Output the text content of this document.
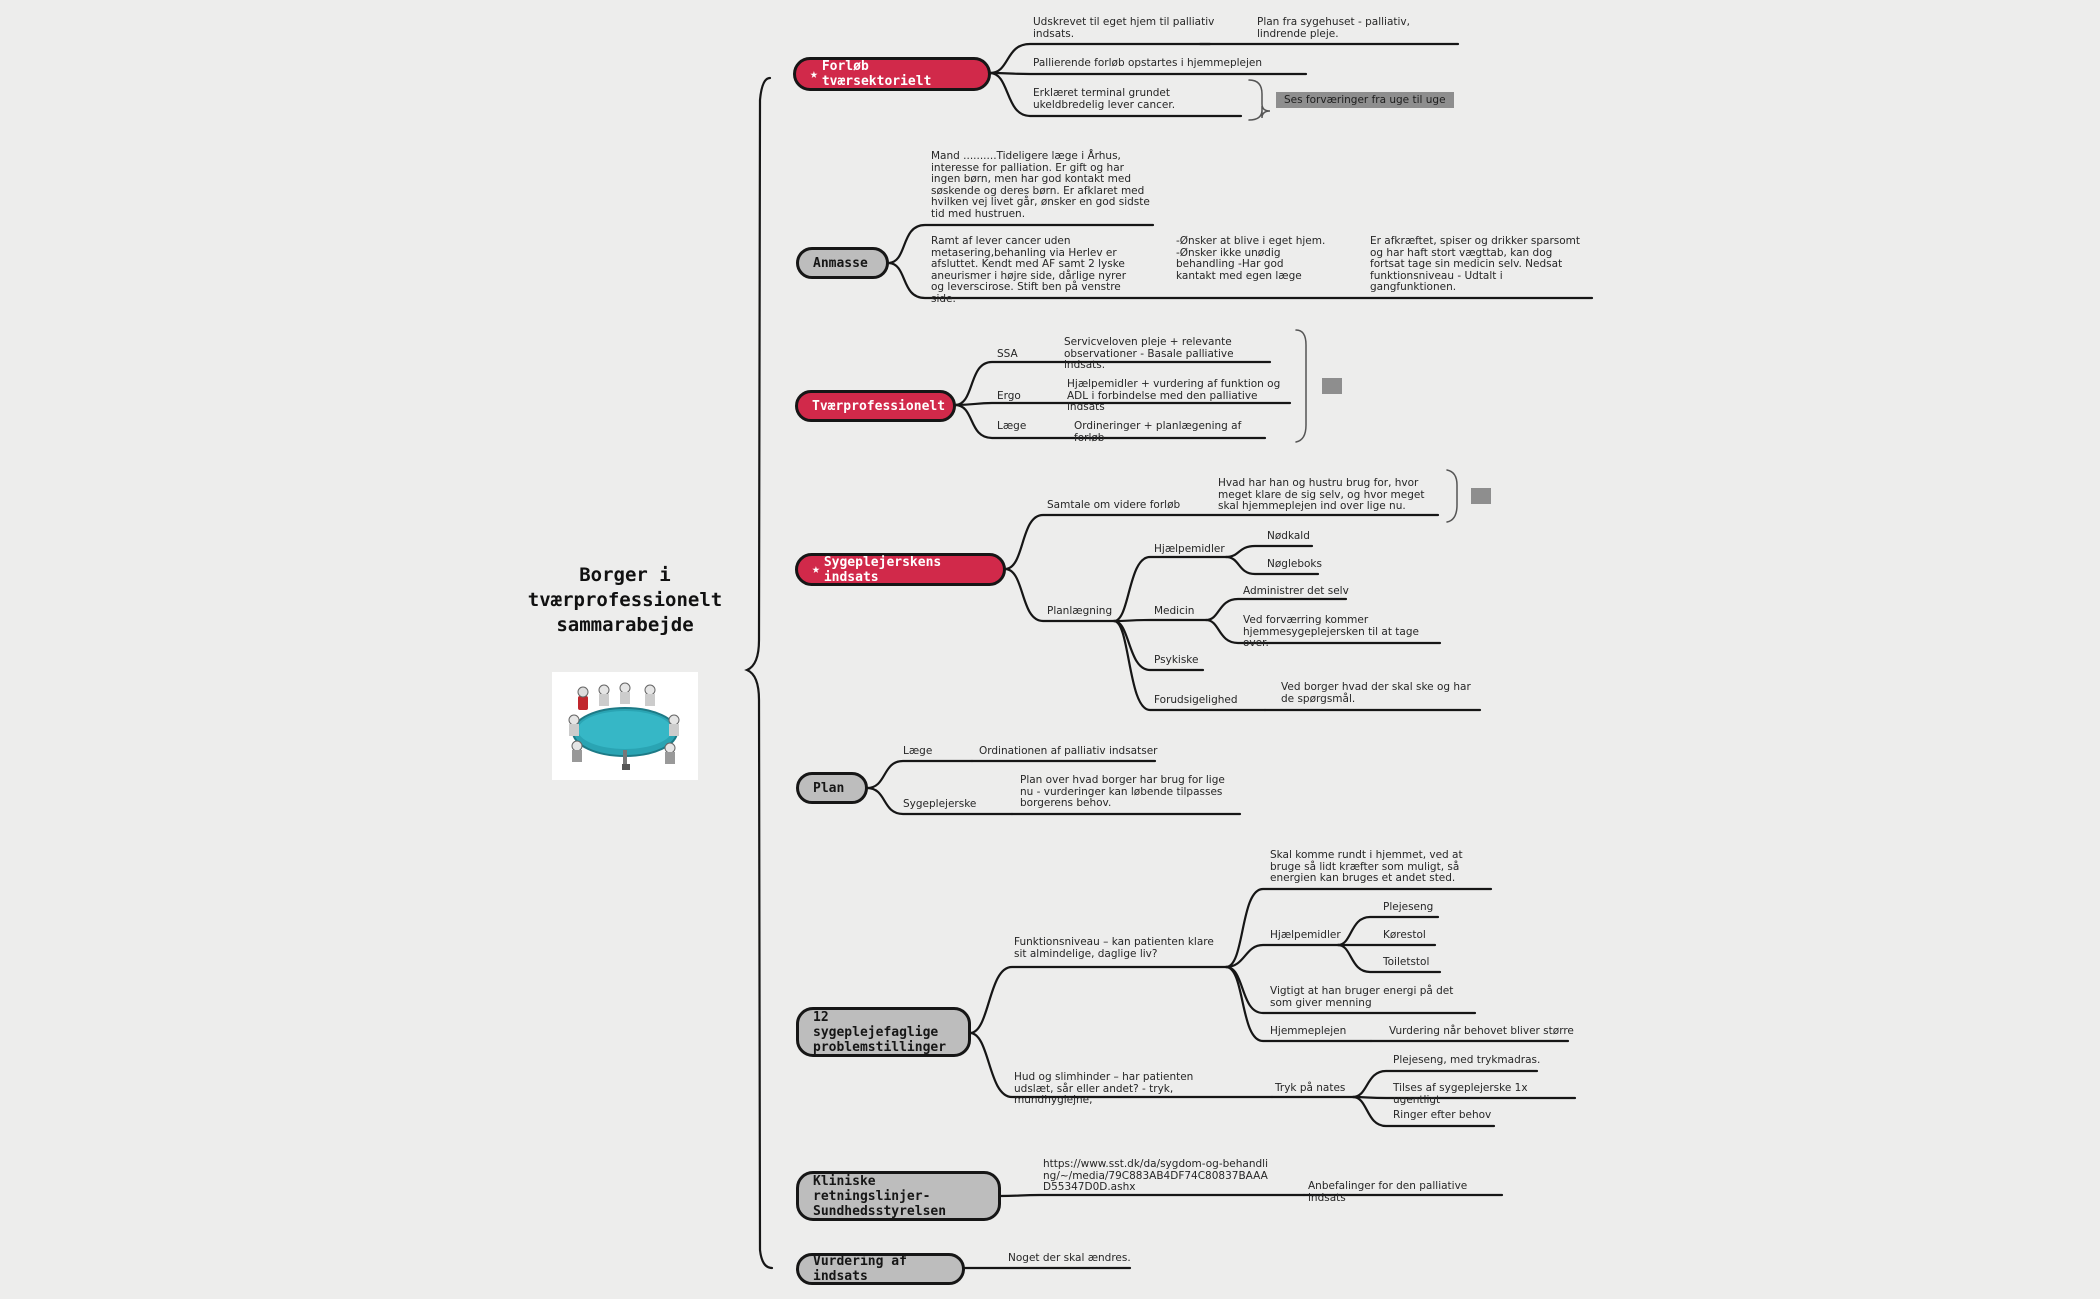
Borger i
tværprofessionelt
sammarabejde
★ Forløb tværsektorielt
Udskrevet til eget hjem til palliativ indsats.
Plan fra sygehuset - palliativ, lindrende pleje.
Pallierende forløb opstartes i hjemmeplejen
Erklæret terminal grundet ukeldbredelig lever cancer.	Ses forværinger fra uge til uge
Anmasse
Mand ..........Tideligere læge i Århus, interesse for palliation. Er gift og har ingen børn, men har god kontakt med søskende og deres børn. Er afklaret med hvilken vej livet går, ønsker en god sidste tid med hustruen.
Ramt af lever cancer uden metasering,behanling via Herlev er afsluttet. Kendt med AF samt 2 lyske aneurismer i højre side, dårlige nyrer og leverscirose. Stift ben på venstre side.
-Ønsker at blive i eget hjem. -Ønsker ikke unødig behandling -Har god kantakt med egen læge
Er afkræftet, spiser og drikker sparsomt og har haft stort vægttab, kan dog fortsat tage sin medicin selv. Nedsat funktionsniveau - Udtalt i gangfunktionen.
Tværprofessionelt
SSA
Servicveloven pleje + relevante observationer - Basale palliative indsats.
Ergo
Hjælpemidler + vurdering af funktion og ADL i forbindelse med den palliative indsats
Læge	Ordineringer + planlægening af forløb
★ Sygeplejerskens indsats
Samtale om videre forløb
Hvad har han og hustru brug for, hvor meget klare de sig selv, og hvor meget skal hjemmeplejen ind over lige nu.
Planlægning
Hjælpemidler
Nødkald
Nøgleboks
Medicin
Administrer det selv
Ved forværring kommer hjemmesygeplejersken til at tage over.
Psykiske
Forudsigelighed
Ved borger hvad der skal ske og har de spørgsmål.
Plan
Læge	Ordinationen af palliativ indsatser
Sygeplejerske
Plan over hvad borger har brug for lige nu - vurderinger kan løbende tilpasses borgerens behov.
12 sygeplejefaglige problemstillinger
Funktionsniveau – kan patienten klare sit almindelige, daglige liv?
Skal komme rundt i hjemmet, ved at bruge så lidt kræfter som muligt, så energien kan bruges et andet sted.
Hjælpemidler
Plejeseng
Kørestol
Toiletstol
Vigtigt at han bruger energi på det som giver menning
Hjemmeplejen	Vurdering når behovet bliver større
Hud og slimhinder – har patienten udslæt, sår eller andet? - tryk, mundhygiejne,
Tryk på nates
Plejeseng, med trykmadras.
Tilses af sygeplejerske 1x ugentligt
Ringer efter behov
Kliniske retningslinjer-Sundhedsstyrelsen
https://www.sst.dk/da/sygdom-og-behandling/~/media/79C883AB4DF74C80837BAAAD55347D0D.ashx	Anbefalinger for den palliative indsats
Vurdering af indsats
Noget der skal ændres.
